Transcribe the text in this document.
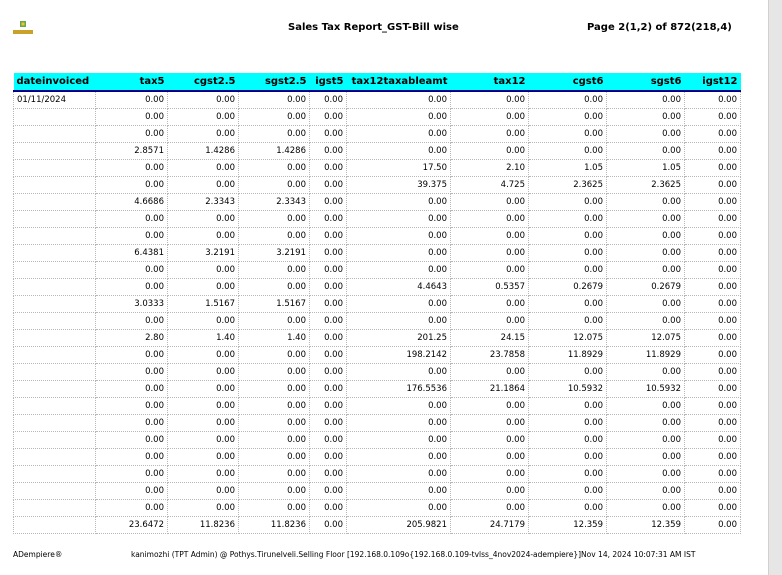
Sales Tax Report_GST-Bill wise	Page 2(1,2) of 872(218,4)
dateinvoiced	tax5	cgst2.5	sgst2.5	igst5	tax12taxableamt	tax12	cgst6	sgst6	igst12
01/11/2024	0.00	0.00	0.00	0.00	0.00	0.00	0.00	0.00	0.00
	0.00	0.00	0.00	0.00	0.00	0.00	0.00	0.00	0.00
	0.00	0.00	0.00	0.00	0.00	0.00	0.00	0.00	0.00
	2.8571	1.4286	1.4286	0.00	0.00	0.00	0.00	0.00	0.00
	0.00	0.00	0.00	0.00	17.50	2.10	1.05	1.05	0.00
	0.00	0.00	0.00	0.00	39.375	4.725	2.3625	2.3625	0.00
	4.6686	2.3343	2.3343	0.00	0.00	0.00	0.00	0.00	0.00
	0.00	0.00	0.00	0.00	0.00	0.00	0.00	0.00	0.00
	0.00	0.00	0.00	0.00	0.00	0.00	0.00	0.00	0.00
	6.4381	3.2191	3.2191	0.00	0.00	0.00	0.00	0.00	0.00
	0.00	0.00	0.00	0.00	0.00	0.00	0.00	0.00	0.00
	0.00	0.00	0.00	0.00	4.4643	0.5357	0.2679	0.2679	0.00
	3.0333	1.5167	1.5167	0.00	0.00	0.00	0.00	0.00	0.00
	0.00	0.00	0.00	0.00	0.00	0.00	0.00	0.00	0.00
	2.80	1.40	1.40	0.00	201.25	24.15	12.075	12.075	0.00
	0.00	0.00	0.00	0.00	198.2142	23.7858	11.8929	11.8929	0.00
	0.00	0.00	0.00	0.00	0.00	0.00	0.00	0.00	0.00
	0.00	0.00	0.00	0.00	176.5536	21.1864	10.5932	10.5932	0.00
	0.00	0.00	0.00	0.00	0.00	0.00	0.00	0.00	0.00
	0.00	0.00	0.00	0.00	0.00	0.00	0.00	0.00	0.00
	0.00	0.00	0.00	0.00	0.00	0.00	0.00	0.00	0.00
	0.00	0.00	0.00	0.00	0.00	0.00	0.00	0.00	0.00
	0.00	0.00	0.00	0.00	0.00	0.00	0.00	0.00	0.00
	0.00	0.00	0.00	0.00	0.00	0.00	0.00	0.00	0.00
	0.00	0.00	0.00	0.00	0.00	0.00	0.00	0.00	0.00
	23.6472	11.8236	11.8236	0.00	205.9821	24.7179	12.359	12.359	0.00
ADempiere®	kanimozhi (TPT Admin) @ Pothys.Tirunelveli.Selling Floor [192.168.0.109o{192.168.0.109-tvlss_4nov2024-adempiere}]Nov 14, 2024 10:07:31 AM IST
